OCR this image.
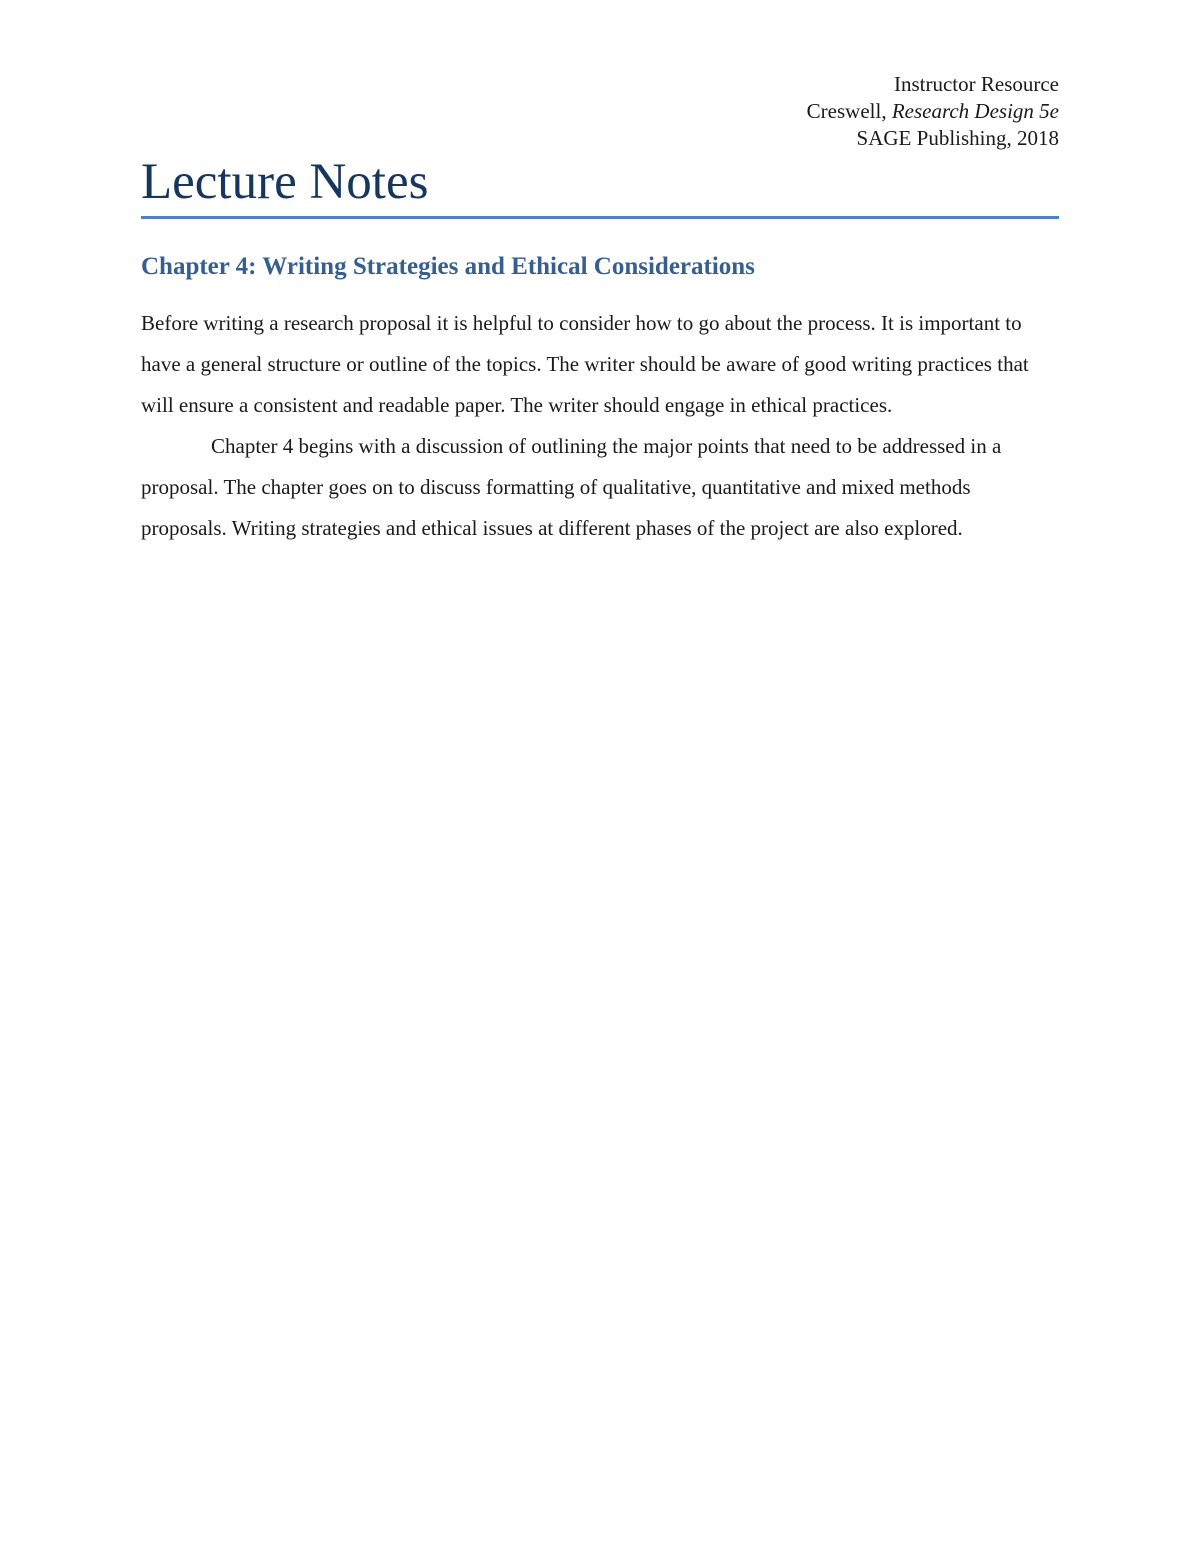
Instructor Resource
Creswell, Research Design 5e
SAGE Publishing, 2018
Lecture Notes
Chapter 4: Writing Strategies and Ethical Considerations

Before writing a research proposal it is helpful to consider how to go about the process. It is important to have a general structure or outline of the topics. The writer should be aware of good writing practices that will ensure a consistent and readable paper. The writer should engage in ethical practices.

Chapter 4 begins with a discussion of outlining the major points that need to be addressed in a proposal. The chapter goes on to discuss formatting of qualitative, quantitative and mixed methods proposals. Writing strategies and ethical issues at different phases of the project are also explored.
